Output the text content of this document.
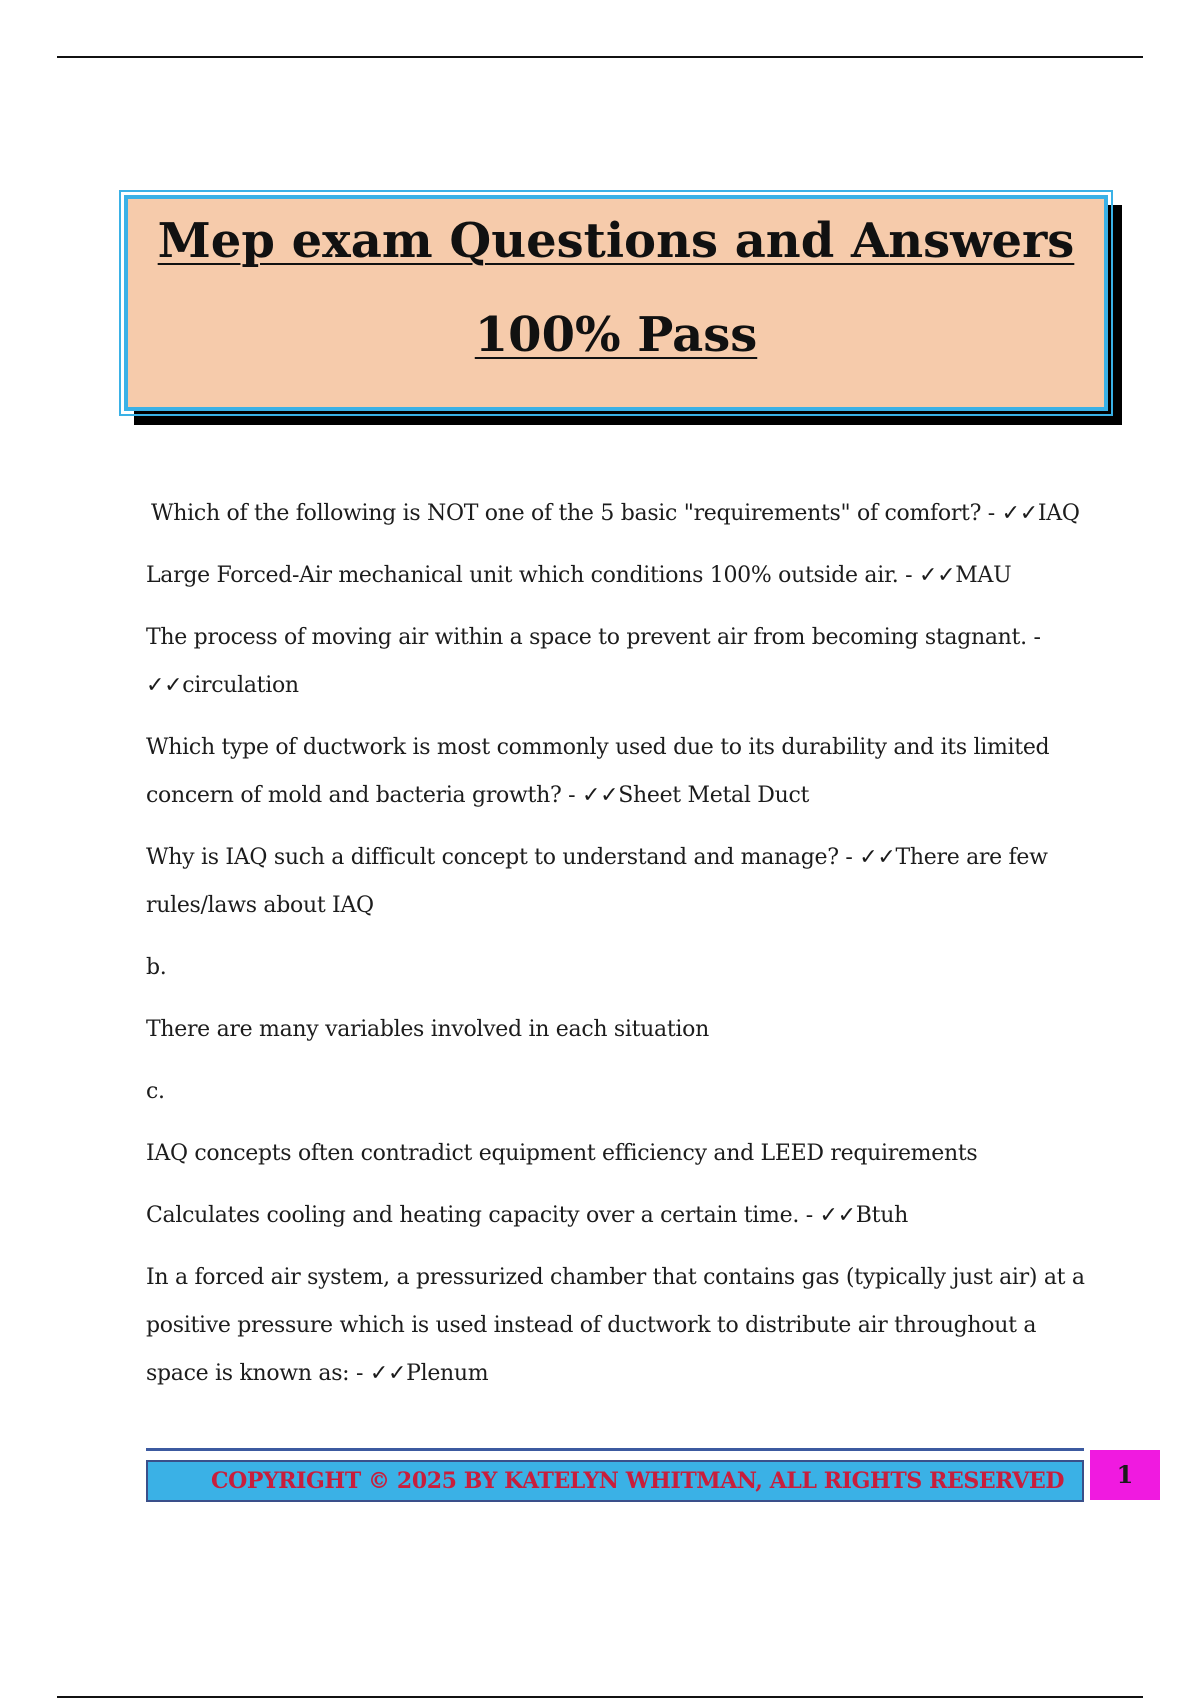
Mep exam Questions and Answers
100% Pass

Which of the following is NOT one of the 5 basic "requirements" of comfort? - ✓✓IAQ

Large Forced-Air mechanical unit which conditions 100% outside air. - ✓✓MAU

The process of moving air within a space to prevent air from becoming stagnant. - ✓✓circulation

Which type of ductwork is most commonly used due to its durability and its limited concern of mold and bacteria growth? - ✓✓Sheet Metal Duct

Why is IAQ such a difficult concept to understand and manage? - ✓✓There are few rules/laws about IAQ

b.

There are many variables involved in each situation

c.

IAQ concepts often contradict equipment efficiency and LEED requirements

Calculates cooling and heating capacity over a certain time. - ✓✓Btuh

In a forced air system, a pressurized chamber that contains gas (typically just air) at a positive pressure which is used instead of ductwork to distribute air throughout a space is known as: - ✓✓Plenum

COPYRIGHT © 2025 BY KATELYN WHITMAN, ALL RIGHTS RESERVED	1
